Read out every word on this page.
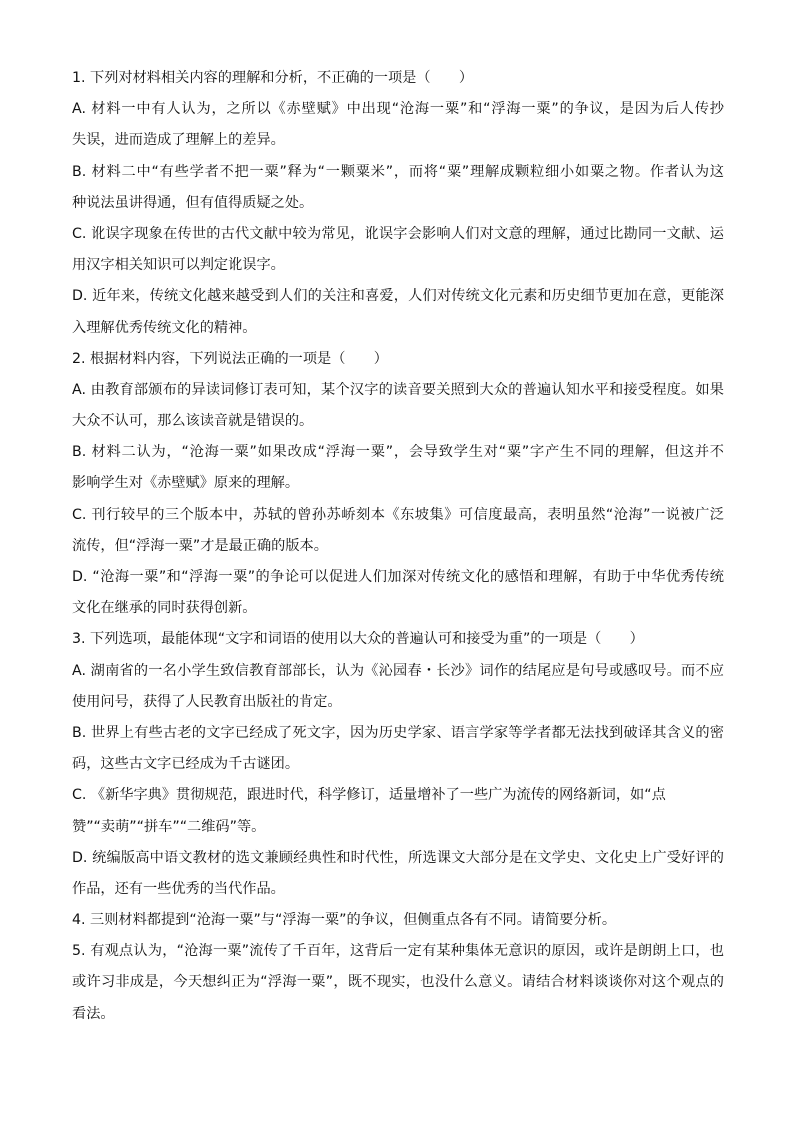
1. 下列对材料相关内容的理解和分析，不正确的一项是（　　）
A. 材料一中有人认为，之所以《赤壁赋》中出现“沧海一粟”和“浮海一粟”的争议，是因为后人传抄
失误，进而造成了理解上的差异。
B. 材料二中“有些学者不把一粟”释为“一颗粟米”，而将“粟”理解成颗粒细小如粟之物。作者认为这
种说法虽讲得通，但有值得质疑之处。
C. 讹误字现象在传世的古代文献中较为常见，讹误字会影响人们对文意的理解，通过比勘同一文献、运
用汉字相关知识可以判定讹误字。
D. 近年来，传统文化越来越受到人们的关注和喜爱，人们对传统文化元素和历史细节更加在意，更能深
入理解优秀传统文化的精神。
2. 根据材料内容，下列说法正确的一项是（　　）
A. 由教育部颁布的异读词修订表可知，某个汉字的读音要关照到大众的普遍认知水平和接受程度。如果
大众不认可，那么该读音就是错误的。
B. 材料二认为，“沧海一粟”如果改成“浮海一粟”，会导致学生对“粟”字产生不同的理解，但这并不
影响学生对《赤壁赋》原来的理解。
C. 刊行较早的三个版本中，苏轼的曾孙苏峤刻本《东坡集》可信度最高，表明虽然“沧海”一说被广泛
流传，但“浮海一粟”才是最正确的版本。
D. “沧海一粟”和“浮海一粟”的争论可以促进人们加深对传统文化的感悟和理解，有助于中华优秀传统
文化在继承的同时获得创新。
3. 下列选项，最能体现“文字和词语的使用以大众的普遍认可和接受为重”的一项是（　　）
A. 湖南省的一名小学生致信教育部部长，认为《沁园春・长沙》词作的结尾应是句号或感叹号。而不应
使用问号，获得了人民教育出版社的肯定。
B. 世界上有些古老的文字已经成了死文字，因为历史学家、语言学家等学者都无法找到破译其含义的密
码，这些古文字已经成为千古谜团。
C. 《新华字典》贯彻规范，跟进时代，科学修订，适量增补了一些广为流传的网络新词，如“点
赞”“卖萌”“拼车”“二维码”等。
D. 统编版高中语文教材的选文兼顾经典性和时代性，所选课文大部分是在文学史、文化史上广受好评的
作品，还有一些优秀的当代作品。
4. 三则材料都提到“沧海一粟”与“浮海一粟”的争议，但侧重点各有不同。请简要分析。
5. 有观点认为，“沧海一粟”流传了千百年，这背后一定有某种集体无意识的原因，或许是朗朗上口，也
或许习非成是，今天想纠正为“浮海一粟”，既不现实，也没什么意义。请结合材料谈谈你对这个观点的
看法。
